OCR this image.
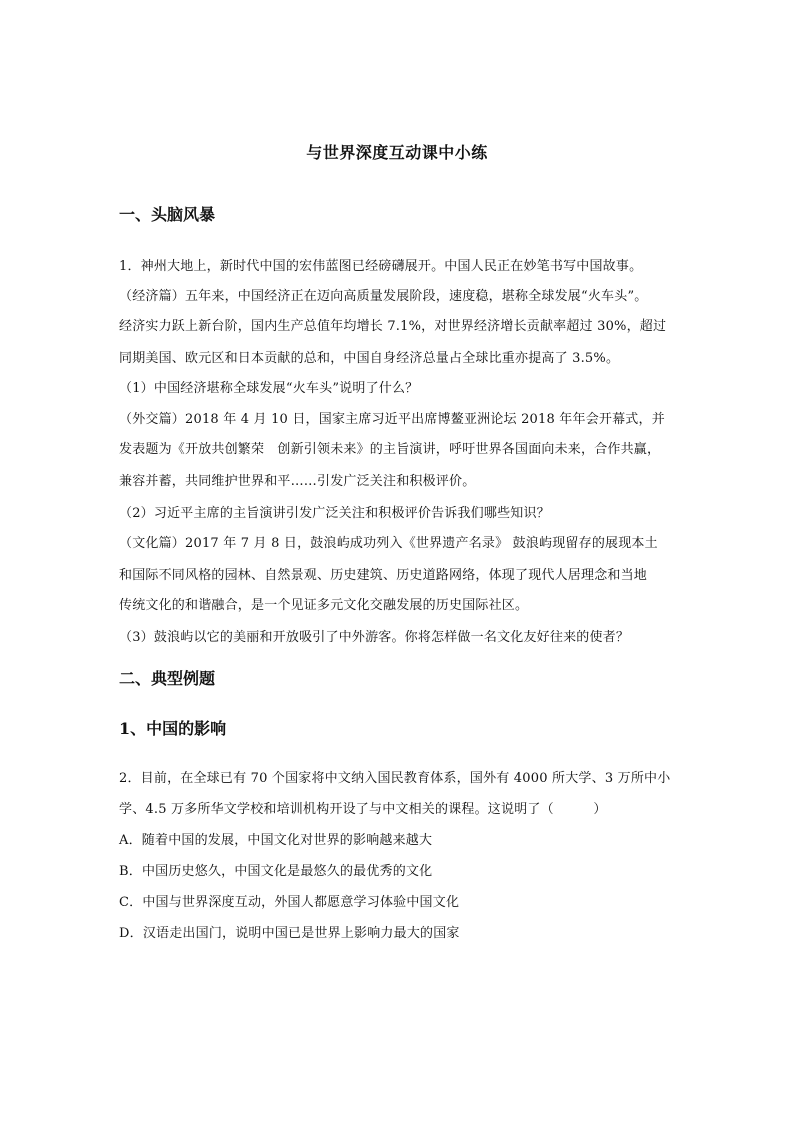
与世界深度互动课中小练
一、头脑风暴
1．神州大地上，新时代中国的宏伟蓝图已经磅礴展开。中国人民正在妙笔书写中国故事。
（经济篇）五年来，中国经济正在迈向高质量发展阶段，速度稳，堪称全球发展“火车头”。
经济实力跃上新台阶，国内生产总值年均增长 7.1%，对世界经济增长贡献率超过 30%，超过
同期美国、欧元区和日本贡献的总和，中国自身经济总量占全球比重亦提高了 3.5%。
（1）中国经济堪称全球发展“火车头”说明了什么？
（外交篇）2018 年 4 月 10 日，国家主席习近平出席博鳌亚洲论坛 2018 年年会开幕式，并
发表题为《开放共创繁荣　创新引领未来》的主旨演讲，呼吁世界各国面向未来，合作共赢，
兼容并蓄，共同维护世界和平……引发广泛关注和积极评价。
（2）习近平主席的主旨演讲引发广泛关注和积极评价告诉我们哪些知识？
（文化篇）2017 年 7 月 8 日，鼓浪屿成功列入《世界遗产名录》 鼓浪屿现留存的展现本土
和国际不同风格的园林、自然景观、历史建筑、历史道路网络，体现了现代人居理念和当地
传统文化的和谐融合，是一个见证多元文化交融发展的历史国际社区。
（3）鼓浪屿以它的美丽和开放吸引了中外游客。你将怎样做一名文化友好往来的使者？
二、典型例题
1、中国的影响
2．目前，在全球已有 70 个国家将中文纳入国民教育体系，国外有 4000 所大学、3 万所中小
学、4.5 万多所华文学校和培训机构开设了与中文相关的课程。这说明了（　　　）
A．随着中国的发展，中国文化对世界的影响越来越大
B．中国历史悠久，中国文化是最悠久的最优秀的文化
C．中国与世界深度互动，外国人都愿意学习体验中国文化
D．汉语走出国门，说明中国已是世界上影响力最大的国家
